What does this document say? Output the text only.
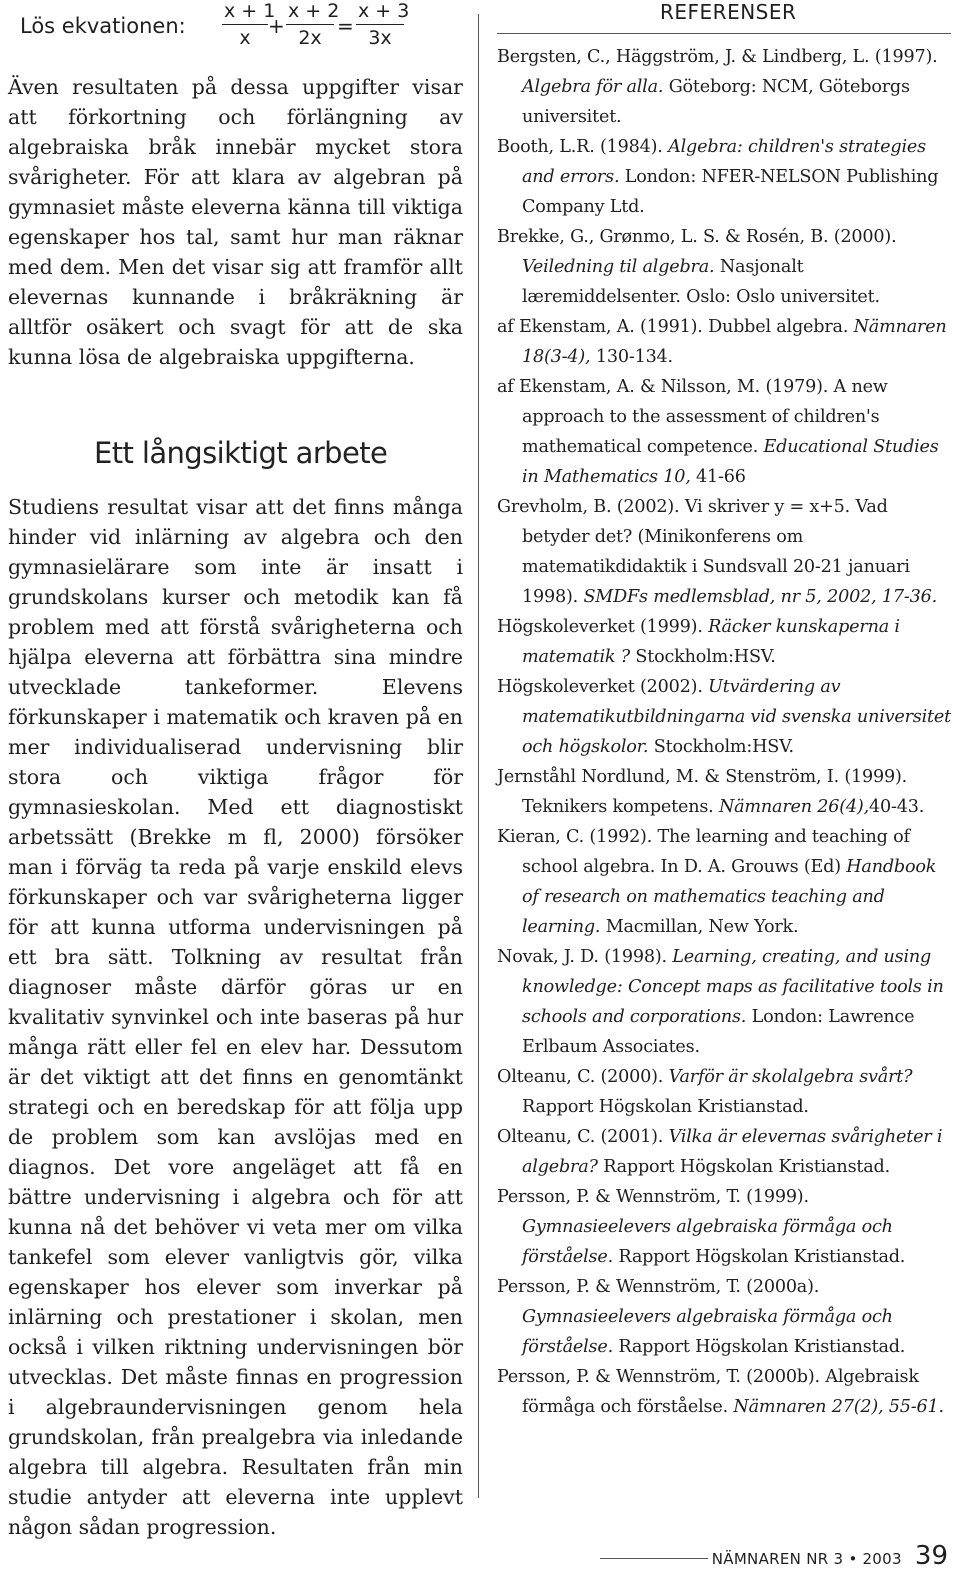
Lös ekvationen: $\frac{x + 1}{x} + \frac{x + 2}{2x} = \frac{x + 3}{3x}$

Även resultaten på dessa uppgifter visar att förkortning och förlängning av algebraiska bråk innebär mycket stora svårigheter. För att klara av algebran på gymnasiet måste eleverna känna till viktiga egenskaper hos tal, samt hur man räknar med dem. Men det visar sig att framför allt elevernas kunnande i bråkräkning är alltför osäkert och svagt för att de ska kunna lösa de algebraiska uppgifterna.

Ett långsiktigt arbete

Studiens resultat visar att det finns många hinder vid inlärning av algebra och den gymnasielärare som inte är insatt i grundskolans kurser och metodik kan få problem med att förstå svårigheterna och hjälpa eleverna att förbättra sina mindre utvecklade tankeformer. Elevens förkunskaper i matematik och kraven på en mer individualiserad undervisning blir stora och viktiga frågor för gymnasieskolan. Med ett diagnostiskt arbetssätt (Brekke m fl, 2000) försöker man i förväg ta reda på varje enskild elevs förkunskaper och var svårigheterna ligger för att kunna utforma undervisningen på ett bra sätt. Tolkning av resultat från diagnoser måste därför göras ur en kvalitativ synvinkel och inte baseras på hur många rätt eller fel en elev har. Dessutom är det viktigt att det finns en genomtänkt strategi och en beredskap för att följa upp de problem som kan avslöjas med en diagnos. Det vore angeläget att få en bättre undervisning i algebra och för att kunna nå det behöver vi veta mer om vilka tankefel som elever vanligtvis gör, vilka egenskaper hos elever som inverkar på inlärning och prestationer i skolan, men också i vilken riktning undervisningen bör utvecklas. Det måste finnas en progression i algebraundervisningen genom hela grundskolan, från prealgebra via inledande algebra till algebra. Resultaten från min studie antyder att eleverna inte upplevt någon sådan progression.

REFERENSER
Bergsten, C., Häggström, J. & Lindberg, L. (1997). Algebra för alla. Göteborg: NCM, Göteborgs universitet.
Booth, L.R. (1984). Algebra: children's strategies and errors. London: NFER-NELSON Publishing Company Ltd.
Brekke, G., Grønmo, L. S. & Rosén, B. (2000). Veiledning til algebra. Nasjonalt læremiddelsenter. Oslo: Oslo universitet.
af Ekenstam, A. (1991). Dubbel algebra. Nämnaren 18(3-4), 130-134.
af Ekenstam, A. & Nilsson, M. (1979). A new approach to the assessment of children's mathematical competence. Educational Studies in Mathematics 10, 41-66
Grevholm, B. (2002). Vi skriver y = x+5. Vad betyder det? (Minikonferens om matematikdidaktik i Sundsvall 20-21 januari 1998). SMDFs medlemsblad, nr 5, 2002, 17-36.
Högskoleverket (1999). Räcker kunskaperna i matematik ? Stockholm:HSV.
Högskoleverket (2002). Utvärdering av matematikutbildningarna vid svenska universitet och högskolor. Stockholm:HSV.
Jernståhl Nordlund, M. & Stenström, I. (1999). Teknikers kompetens. Nämnaren 26(4),40-43.
Kieran, C. (1992). The learning and teaching of school algebra. In D. A. Grouws (Ed) Handbook of research on mathematics teaching and learning. Macmillan, New York.
Novak, J. D. (1998). Learning, creating, and using knowledge: Concept maps as facilitative tools in schools and corporations. London: Lawrence Erlbaum Associates.
Olteanu, C. (2000). Varför är skolalgebra svårt? Rapport Högskolan Kristianstad.
Olteanu, C. (2001). Vilka är elevernas svårigheter i algebra? Rapport Högskolan Kristianstad.
Persson, P. & Wennström, T. (1999). Gymnasieelevers algebraiska förmåga och förståelse. Rapport Högskolan Kristianstad.
Persson, P. & Wennström, T. (2000a). Gymnasieelevers algebraiska förmåga och förståelse. Rapport Högskolan Kristianstad.
Persson, P. & Wennström, T. (2000b). Algebraisk förmåga och förståelse. Nämnaren 27(2), 55-61.
NÄMNAREN NR 3 • 2003 39
